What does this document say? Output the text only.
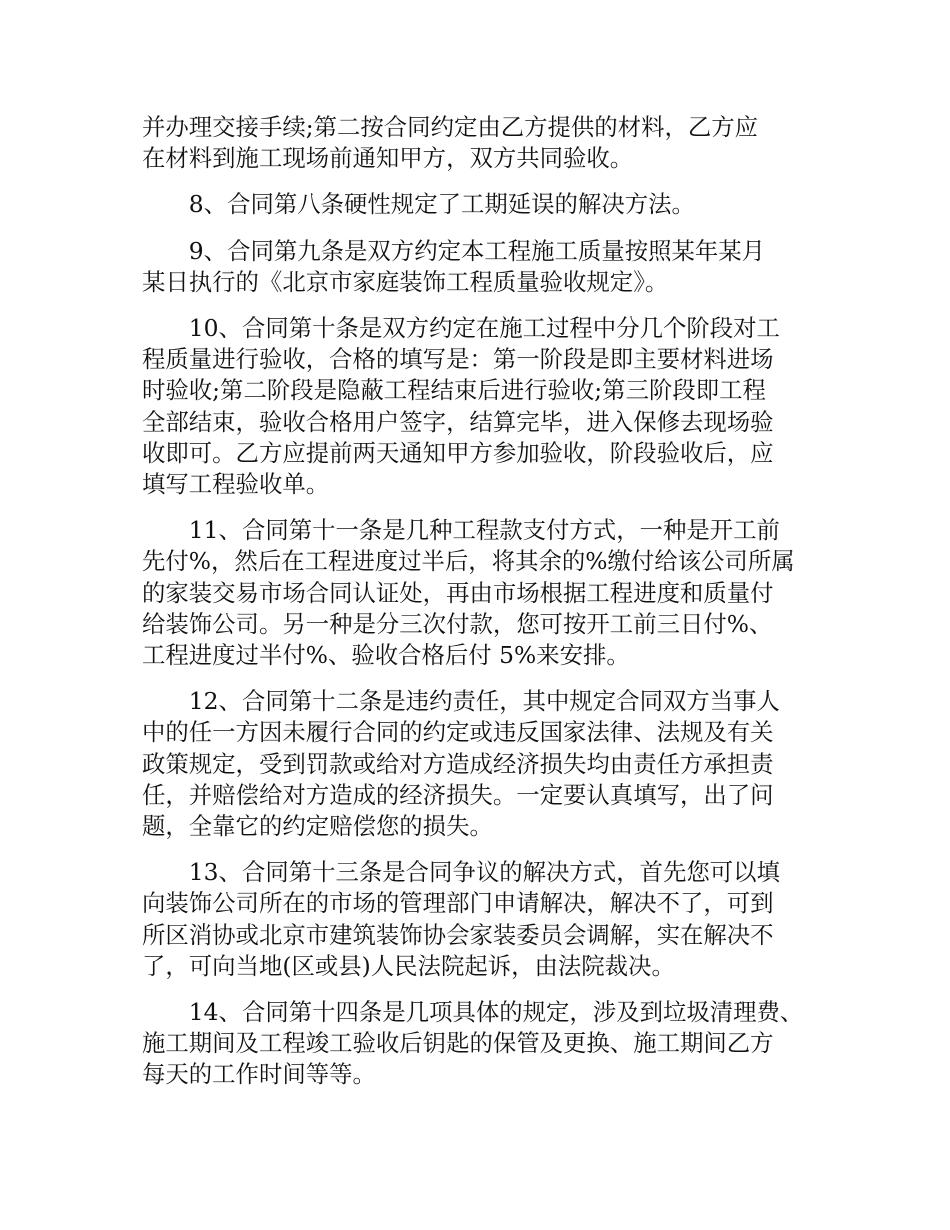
并办理交接手续;第二按合同约定由乙方提供的材料，乙方应
在材料到施工现场前通知甲方，双方共同验收。

8、合同第八条硬性规定了工期延误的解决方法。

9、合同第九条是双方约定本工程施工质量按照某年某月
某日执行的《北京市家庭装饰工程质量验收规定》。

10、合同第十条是双方约定在施工过程中分几个阶段对工
程质量进行验收，合格的填写是：第一阶段是即主要材料进场
时验收;第二阶段是隐蔽工程结束后进行验收;第三阶段即工程
全部结束，验收合格用户签字，结算完毕，进入保修去现场验
收即可。乙方应提前两天通知甲方参加验收，阶段验收后，应
填写工程验收单。

11、合同第十一条是几种工程款支付方式，一种是开工前
先付%，然后在工程进度过半后，将其余的%缴付给该公司所属
的家装交易市场合同认证处，再由市场根据工程进度和质量付
给装饰公司。另一种是分三次付款，您可按开工前三日付%、
工程进度过半付%、验收合格后付 5%来安排。

12、合同第十二条是违约责任，其中规定合同双方当事人
中的任一方因未履行合同的约定或违反国家法律、法规及有关
政策规定，受到罚款或给对方造成经济损失均由责任方承担责
任，并赔偿给对方造成的经济损失。一定要认真填写，出了问
题，全靠它的约定赔偿您的损失。

13、合同第十三条是合同争议的解决方式，首先您可以填
向装饰公司所在的市场的管理部门申请解决，解决不了，可到
所区消协或北京市建筑装饰协会家装委员会调解，实在解决不
了，可向当地(区或县)人民法院起诉，由法院裁决。

14、合同第十四条是几项具体的规定，涉及到垃圾清理费、
施工期间及工程竣工验收后钥匙的保管及更换、施工期间乙方
每天的工作时间等等。
